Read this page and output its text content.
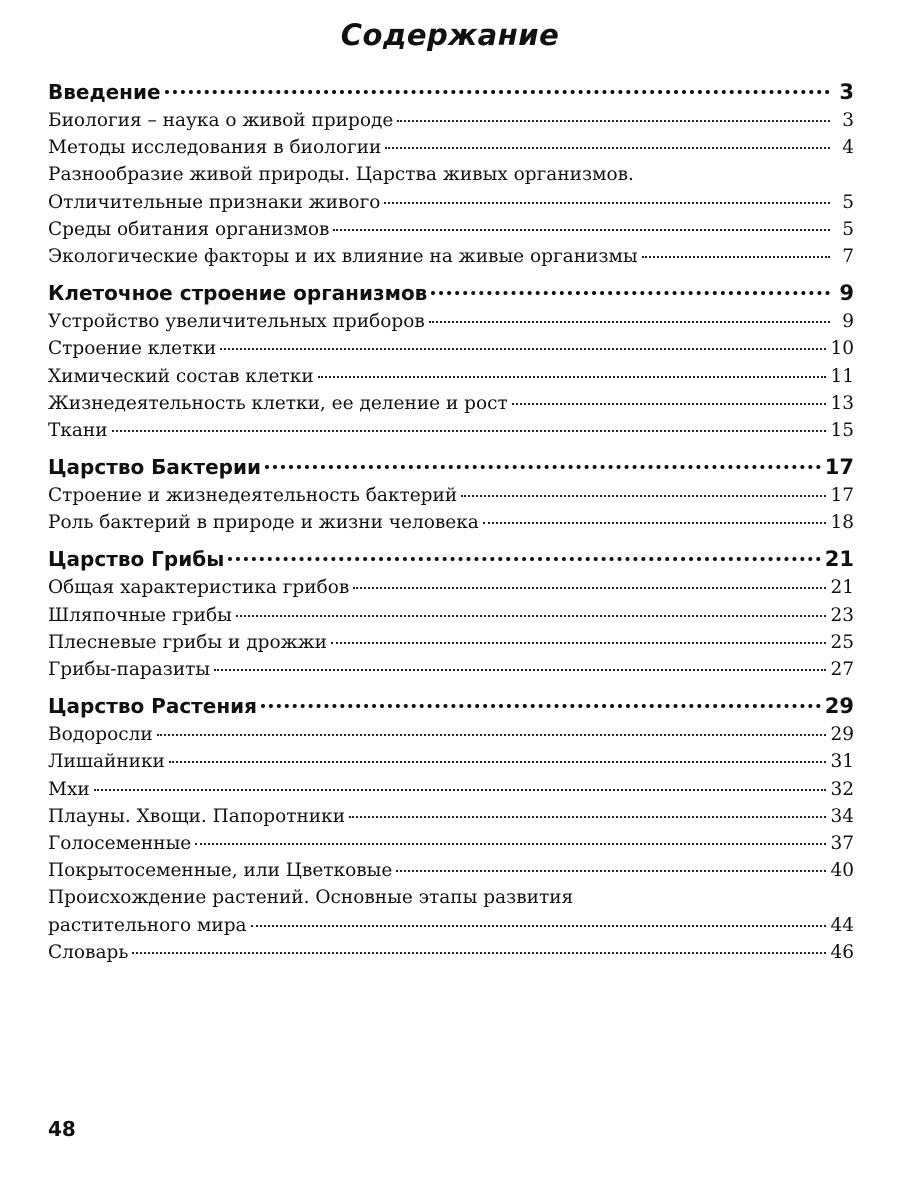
Содержание
Введение	3
Биология – наука о живой природе	3
Методы исследования в биологии	4
Разнообразие живой природы. Царства живых организмов.
Отличительные признаки живого	5
Среды обитания организмов	5
Экологические факторы и их влияние на живые организмы	7
Клеточное строение организмов	9
Устройство увеличительных приборов	9
Строение клетки	10
Химический состав клетки	11
Жизнедеятельность клетки, ее деление и рост	13
Ткани	15
Царство Бактерии	17
Строение и жизнедеятельность бактерий	17
Роль бактерий в природе и жизни человека	18
Царство Грибы	21
Общая характеристика грибов	21
Шляпочные грибы	23
Плесневые грибы и дрожжи	25
Грибы-паразиты	27
Царство Растения	29
Водоросли	29
Лишайники	31
Мхи	32
Плауны. Хвощи. Папоротники	34
Голосеменные	37
Покрытосеменные, или Цветковые	40
Происхождение растений. Основные этапы развития
растительного мира	44
Словарь	46
48
